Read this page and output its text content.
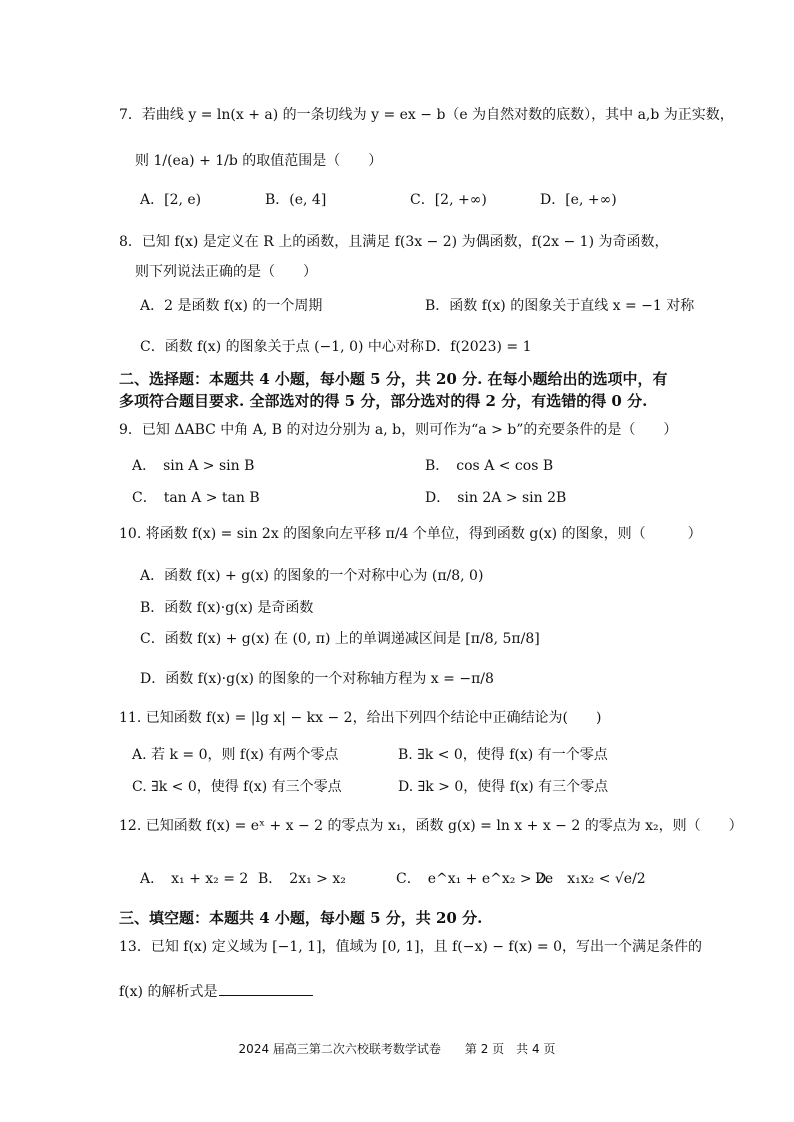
7．若曲线 y = ln(x + a) 的一条切线为 y = ex − b（e 为自然对数的底数），其中 a,b 为正实数，
则 1/(ea) + 1/b 的取值范围是（　　）
A．[2, e)	B．(e, 4]	C．[2, +∞)	D．[e, +∞)
8．已知 f(x) 是定义在 R 上的函数，且满足 f(3x − 2) 为偶函数，f(2x − 1) 为奇函数，
则下列说法正确的是（　　）
A．2 是函数 f(x) 的一个周期	B．函数 f(x) 的图象关于直线 x = −1 对称
C．函数 f(x) 的图象关于点 (−1, 0) 中心对称 D．f(2023) = 1
二、选择题：本题共 4 小题，每小题 5 分，共 20 分. 在每小题给出的选项中，有
多项符合题目要求. 全部选对的得 5 分，部分选对的得 2 分，有选错的得 0 分.
9．已知 ΔABC 中角 A, B 的对边分别为 a, b，则可作为“a > b”的充要条件的是（　　）
A．　sin A > sin B	B．　cos A < cos B
C．　tan A > tan B	D．　sin 2A > sin 2B
10. 将函数 f(x) = sin 2x 的图象向左平移 π/4 个单位，得到函数 g(x) 的图象，则（　　　）
A．函数 f(x) + g(x) 的图象的一个对称中心为 (π/8, 0)
B．函数 f(x)·g(x) 是奇函数
C．函数 f(x) + g(x) 在 (0, π) 上的单调递减区间是 [π/8, 5π/8]
D．函数 f(x)·g(x) 的图象的一个对称轴方程为 x = −π/8
11. 已知函数 f(x) = |lg x| − kx − 2，给出下列四个结论中正确结论为(　　)
A. 若 k = 0，则 f(x) 有两个零点	B. ∃k < 0，使得 f(x) 有一个零点
C. ∃k < 0，使得 f(x) 有三个零点	D. ∃k > 0，使得 f(x) 有三个零点
12. 已知函数 f(x) = eˣ + x − 2 的零点为 x₁，函数 g(x) = ln x + x − 2 的零点为 x₂，则（　　）
A．　x₁ + x₂ = 2 B．　2x₁ > x₂	C．　e^x₁ + e^x₂ > 2e
D．　x₁x₂ < √e/2
三、填空题：本题共 4 小题，每小题 5 分，共 20 分.
13．已知 f(x) 定义域为 [−1, 1]，值域为 [0, 1]，且 f(−x) − f(x) = 0，写出一个满足条件的
f(x) 的解析式是
2024 届高三第二次六校联考数学试卷　　第 2 页　共 4 页
